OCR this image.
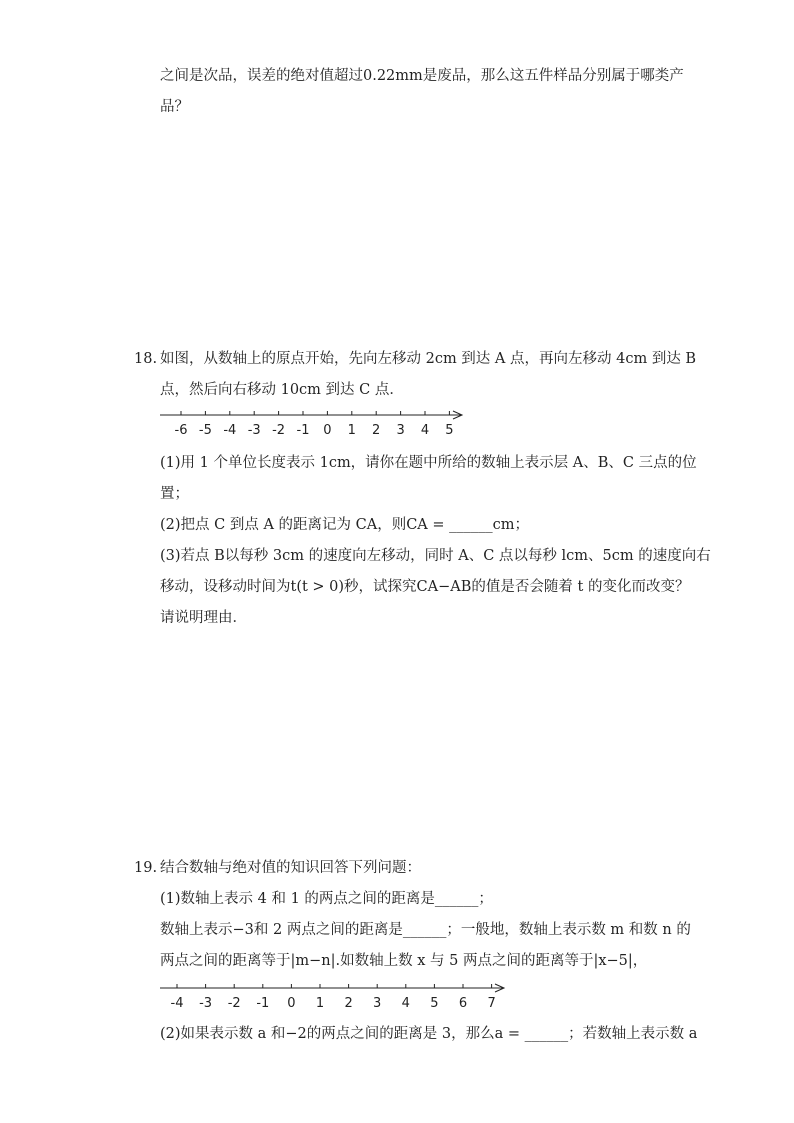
之间是次品，误差的绝对值超过0.22mm是废品，那么这五件样品分别属于哪类产
品？
18. 如图，从数轴上的原点开始，先向左移动 2cm 到达 A 点，再向左移动 4cm 到达 B
点，然后向右移动 10cm 到达 C 点．
-6 -5 -4 -3 -2 -1 0 1 2 3 4 5
(1)用 1 个单位长度表示 1cm，请你在题中所给的数轴上表示层 A、B、C 三点的位
置；
(2)把点 C 到点 A 的距离记为 CA，则CA = ______cm；
(3)若点 B以每秒 3cm 的速度向左移动，同时 A、C 点以每秒 lcm、5cm 的速度向右
移动，设移动时间为t(t > 0)秒，试探究CA−AB的值是否会随着 t 的变化而改变？
请说明理由．
19. 结合数轴与绝对值的知识回答下列问题：
(1)数轴上表示 4 和 1 的两点之间的距离是______；
数轴上表示−3和 2 两点之间的距离是______；一般地，数轴上表示数 m 和数 n 的
两点之间的距离等于|m−n|.如数轴上数 x 与 5 两点之间的距离等于|x−5|，
-4 -3 -2 -1 0 1 2 3 4 5 6 7
(2)如果表示数 a 和−2的两点之间的距离是 3，那么a = ______；若数轴上表示数 a
